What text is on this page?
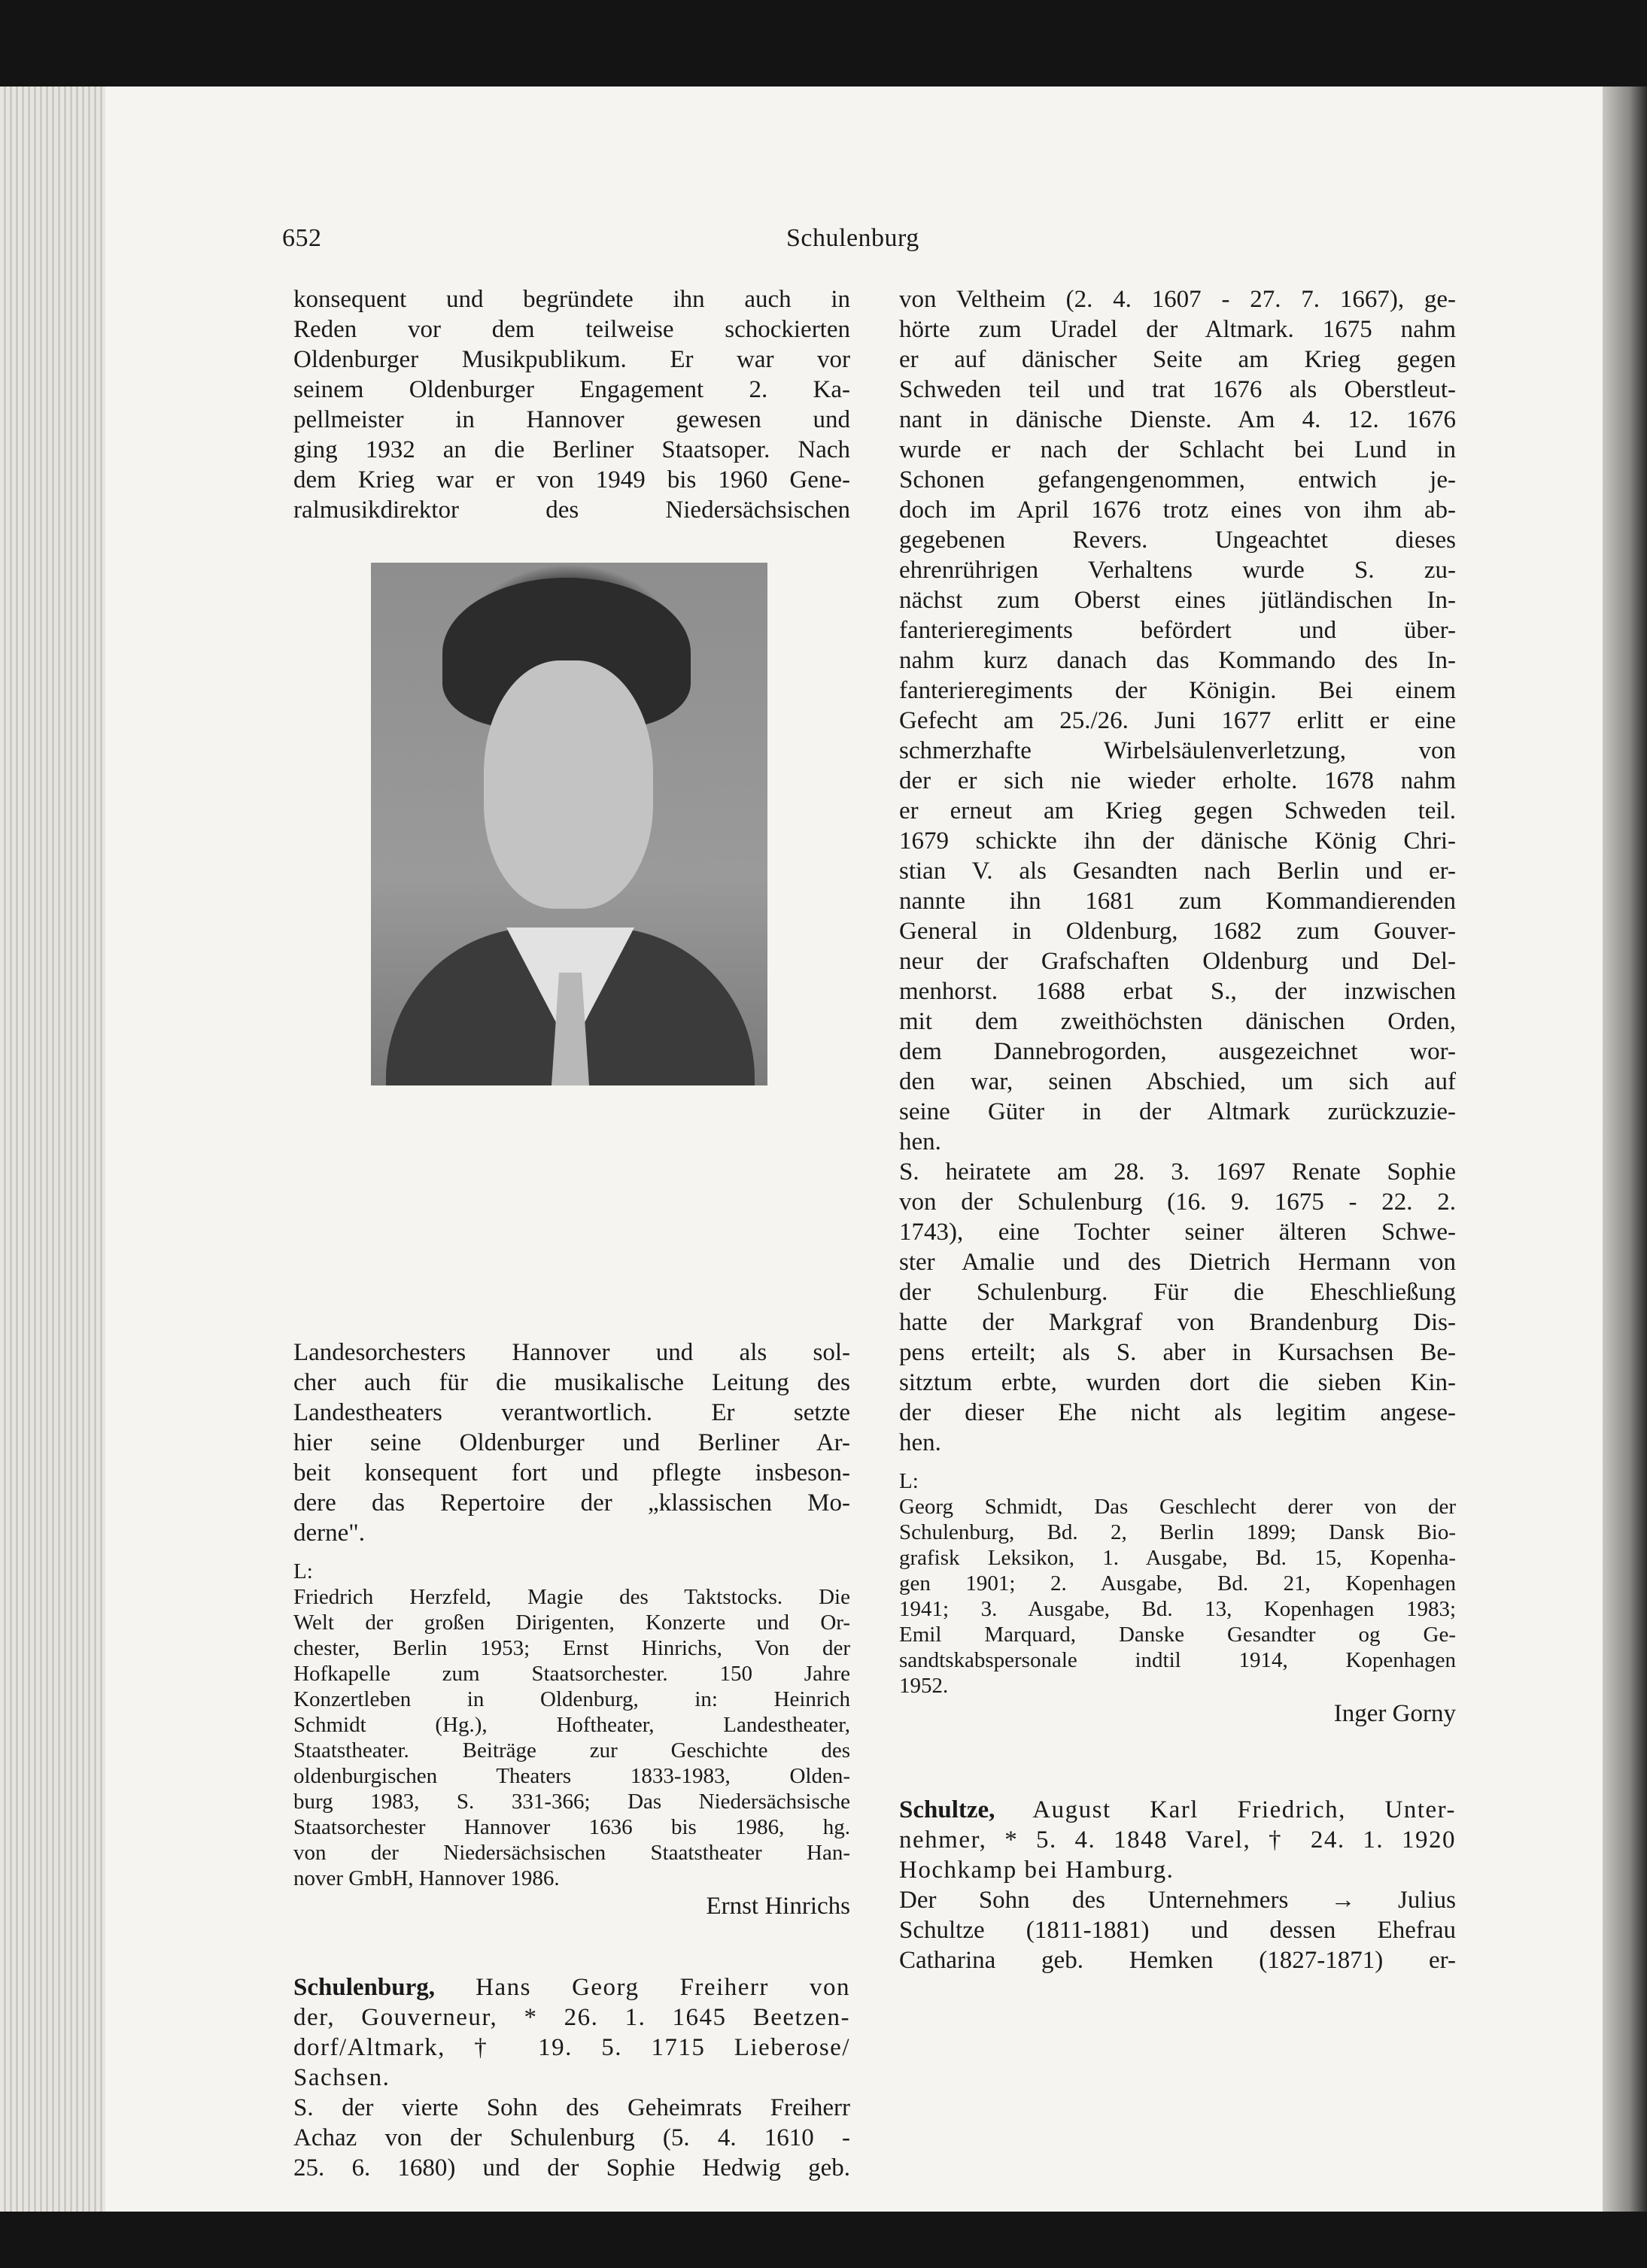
652	Schulenburg

konsequent und begründete ihn auch in

Reden vor dem teilweise schockierten

Oldenburger Musikpublikum. Er war vor

seinem Oldenburger Engagement 2. Ka-

pellmeister in Hannover gewesen und

ging 1932 an die Berliner Staatsoper. Nach

dem Krieg war er von 1949 bis 1960 Gene-

ralmusikdirektor des Niedersächsischen

Landesorchesters Hannover und als sol-

cher auch für die musikalische Leitung des

Landestheaters verantwortlich. Er setzte

hier seine Oldenburger und Berliner Ar-

beit konsequent fort und pflegte insbeson-

dere das Repertoire der „klassischen Mo-

derne".

L:

Friedrich Herzfeld, Magie des Taktstocks. Die

Welt der großen Dirigenten, Konzerte und Or-

chester, Berlin 1953; Ernst Hinrichs, Von der

Hofkapelle zum Staatsorchester. 150 Jahre

Konzertleben in Oldenburg, in: Heinrich

Schmidt (Hg.), Hoftheater, Landestheater,

Staatstheater. Beiträge zur Geschichte des

oldenburgischen Theaters 1833-1983, Olden-

burg 1983, S. 331-366; Das Niedersächsische

Staatsorchester Hannover 1636 bis 1986, hg.

von der Niedersächsischen Staatstheater Han-

nover GmbH, Hannover 1986.

Ernst Hinrichs

Schulenburg, Hans Georg Freiherr von

der, Gouverneur, * 26. 1. 1645 Beetzen-

dorf/Altmark, † 19. 5. 1715 Lieberose/

Sachsen.

S. der vierte Sohn des Geheimrats Freiherr

Achaz von der Schulenburg (5. 4. 1610 -

25. 6. 1680) und der Sophie Hedwig geb.

von Veltheim (2. 4. 1607 - 27. 7. 1667), ge-

hörte zum Uradel der Altmark. 1675 nahm

er auf dänischer Seite am Krieg gegen

Schweden teil und trat 1676 als Oberstleut-

nant in dänische Dienste. Am 4. 12. 1676

wurde er nach der Schlacht bei Lund in

Schonen gefangengenommen, entwich je-

doch im April 1676 trotz eines von ihm ab-

gegebenen Revers. Ungeachtet dieses

ehrenrührigen Verhaltens wurde S. zu-

nächst zum Oberst eines jütländischen In-

fanterieregiments befördert und über-

nahm kurz danach das Kommando des In-

fanterieregiments der Königin. Bei einem

Gefecht am 25./26. Juni 1677 erlitt er eine

schmerzhafte Wirbelsäulenverletzung, von

der er sich nie wieder erholte. 1678 nahm

er erneut am Krieg gegen Schweden teil.

1679 schickte ihn der dänische König Chri-

stian V. als Gesandten nach Berlin und er-

nannte ihn 1681 zum Kommandierenden

General in Oldenburg, 1682 zum Gouver-

neur der Grafschaften Oldenburg und Del-

menhorst. 1688 erbat S., der inzwischen

mit dem zweithöchsten dänischen Orden,

dem Dannebrogorden, ausgezeichnet wor-

den war, seinen Abschied, um sich auf

seine Güter in der Altmark zurückzuzie-

hen.

S. heiratete am 28. 3. 1697 Renate Sophie

von der Schulenburg (16. 9. 1675 - 22. 2.

1743), eine Tochter seiner älteren Schwe-

ster Amalie und des Dietrich Hermann von

der Schulenburg. Für die Eheschließung

hatte der Markgraf von Brandenburg Dis-

pens erteilt; als S. aber in Kursachsen Be-

sitztum erbte, wurden dort die sieben Kin-

der dieser Ehe nicht als legitim angese-

hen.

L:

Georg Schmidt, Das Geschlecht derer von der

Schulenburg, Bd. 2, Berlin 1899; Dansk Bio-

grafisk Leksikon, 1. Ausgabe, Bd. 15, Kopenha-

gen 1901; 2. Ausgabe, Bd. 21, Kopenhagen

1941; 3. Ausgabe, Bd. 13, Kopenhagen 1983;

Emil Marquard, Danske Gesandter og Ge-

sandtskabspersonale indtil 1914, Kopenhagen

1952.

Inger Gorny

Schultze, August Karl Friedrich, Unter-

nehmer, * 5. 4. 1848 Varel, † 24. 1. 1920

Hochkamp bei Hamburg.

Der Sohn des Unternehmers → Julius

Schultze (1811-1881) und dessen Ehefrau

Catharina geb. Hemken (1827-1871) er-
